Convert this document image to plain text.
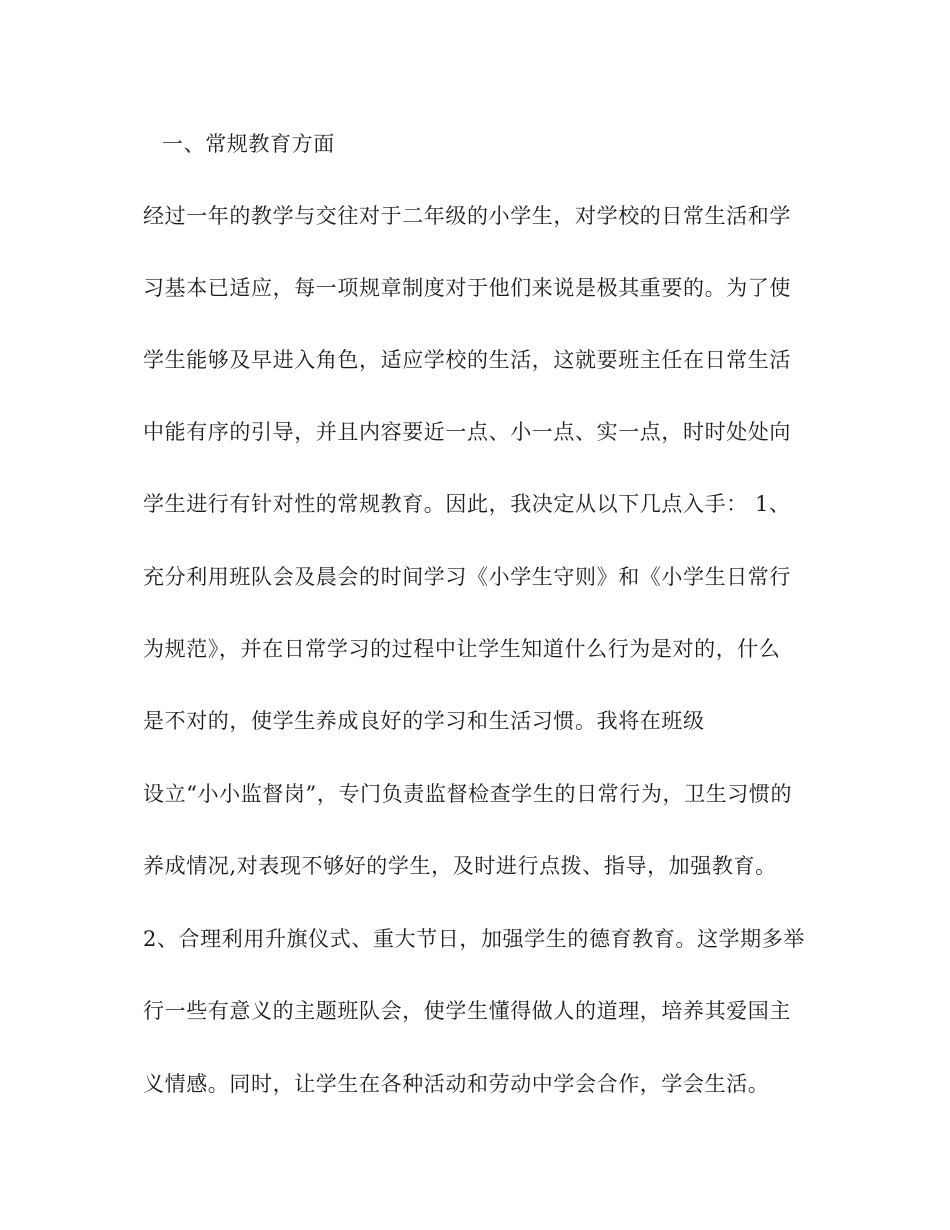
一、常规教育方面
经过一年的教学与交往对于二年级的小学生，对学校的日常生活和学
习基本已适应，每一项规章制度对于他们来说是极其重要的。为了使
学生能够及早进入角色，适应学校的生活，这就要班主任在日常生活
中能有序的引导，并且内容要近一点、小一点、实一点，时时处处向
学生进行有针对性的常规教育。因此，我决定从以下几点入手： 1、
充分利用班队会及晨会的时间学习《小学生守则》和《小学生日常行
为规范》，并在日常学习的过程中让学生知道什么行为是对的，什么
是不对的，使学生养成良好的学习和生活习惯。我将在班级
设立“小小监督岗”，专门负责监督检查学生的日常行为，卫生习惯的
养成情况,对表现不够好的学生，及时进行点拨、指导，加强教育。
2、合理利用升旗仪式、重大节日，加强学生的德育教育。这学期多举
行一些有意义的主题班队会，使学生懂得做人的道理，培养其爱国主
义情感。同时，让学生在各种活动和劳动中学会合作，学会生活。
